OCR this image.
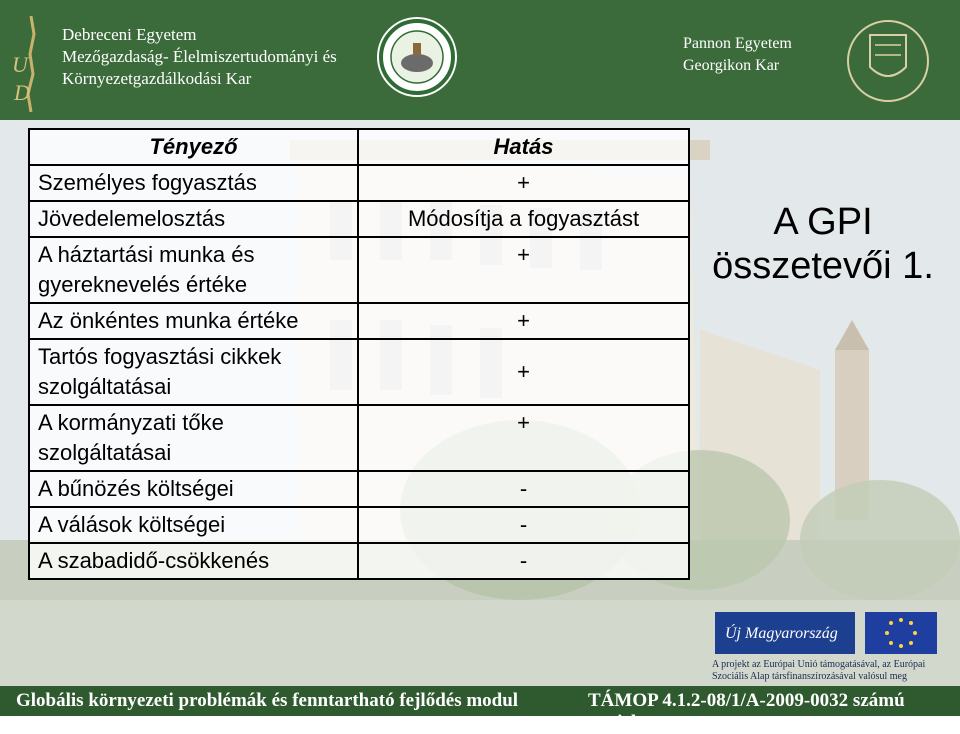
U
D
Debreceni Egyetem
Mezőgazdaság- Élelmiszertudományi és
Környezetgazdálkodási Kar
Pannon Egyetem
Georgikon Kar
Tényező	Hatás
Személyes fogyasztás	+
Jövedelemelosztás	Módosítja a fogyasztást
A háztartási munka és gyereknevelés értéke	+
Az önkéntes munka értéke	+
Tartós fogyasztási cikkek szolgáltatásai	+
A kormányzati tőke szolgáltatásai	+
A bűnözés költségei	-
A válások költségei	-
A szabadidő-csökkenés	-
A GPI
összetevői 1.
Új Magyarország
A projekt az Európai Unió támogatásával, az Európai Szociális Alap társfinanszírozásával valósul meg
Globális környezeti problémák és fenntartható fejlődés modul	TÁMOP 4.1.2-08/1/A-2009-0032 számú projekt
